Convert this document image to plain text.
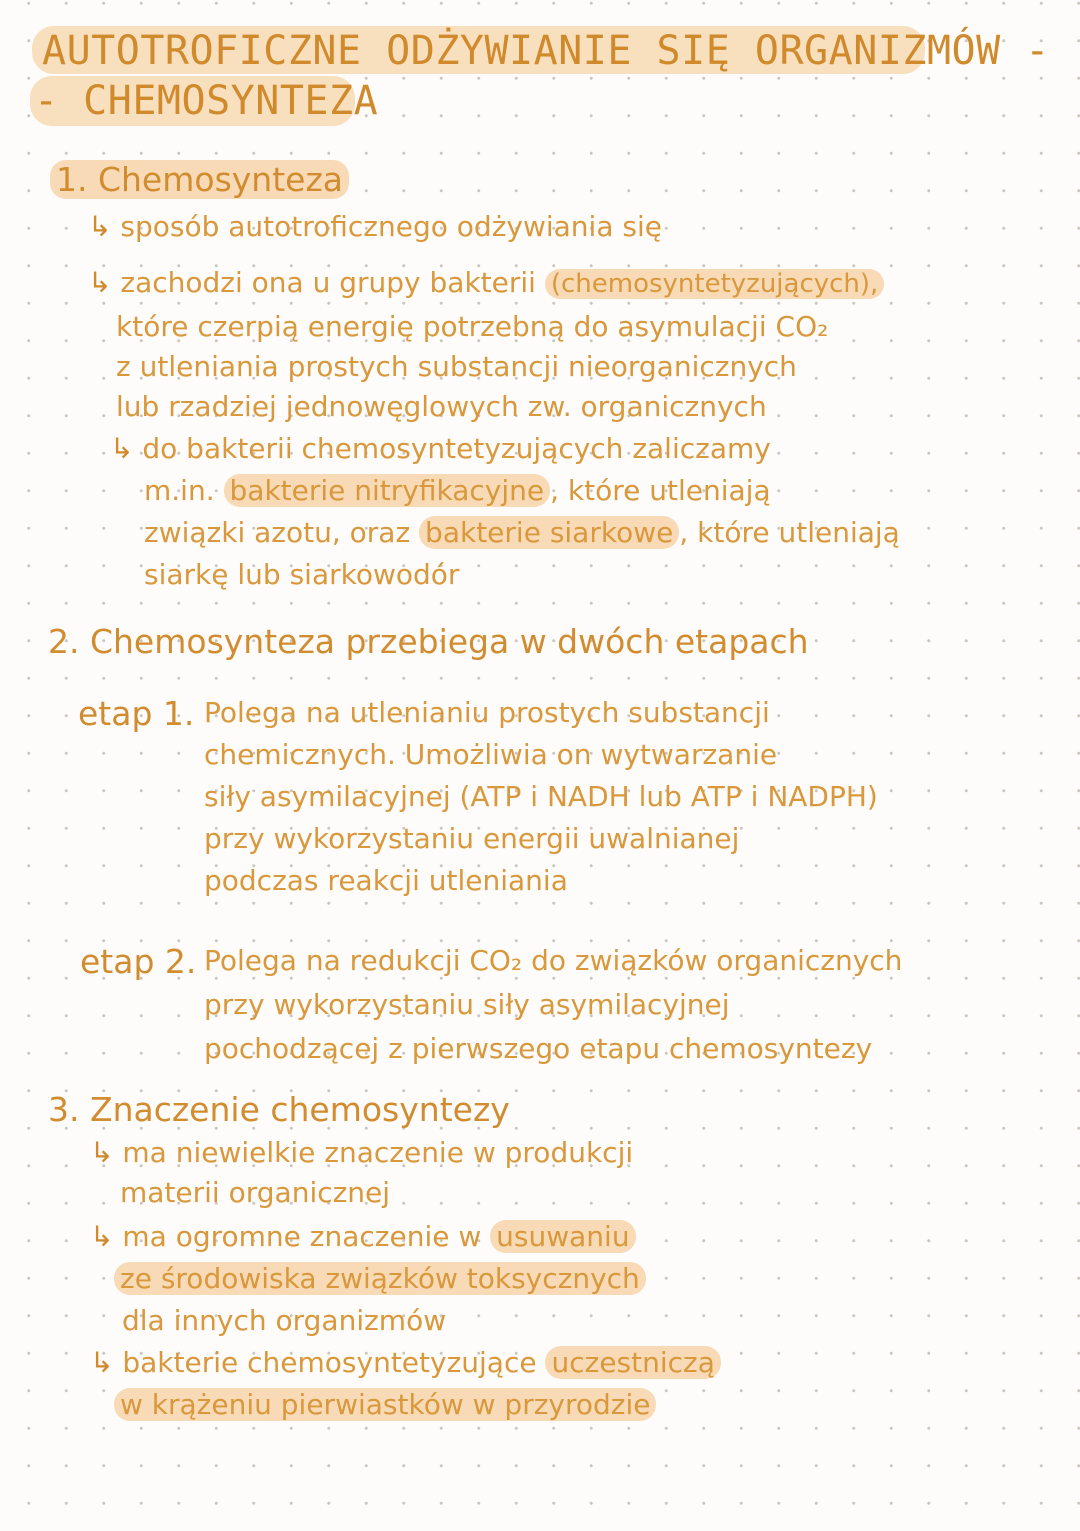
AUTOTROFICZNE ODŻYWIANIE SIĘ ORGANIZMÓW -
- CHEMOSYNTEZA
1. Chemosynteza
↳ sposób autotroficznego odżywiania się
↳ zachodzi ona u grupy bakterii (chemosyntetyzujących),
które czerpią energię potrzebną do asymulacji CO₂
z utleniania prostych substancji nieorganicznych
lub rzadziej jednowęglowych zw. organicznych
↳ do bakterii chemosyntetyzujących zaliczamy
m.in. bakterie nitryfikacyjne , które utleniają
związki azotu, oraz bakterie siarkowe , które utleniają
siarkę lub siarkowodór
2. Chemosynteza przebiega w dwóch etapach
etap 1. Polega na utlenianiu prostych substancji
chemicznych. Umożliwia on wytwarzanie
siły asymilacyjnej (ATP i NADH lub ATP i NADPH)
przy wykorzystaniu energii uwalnianej
podczas reakcji utleniania
etap 2. Polega na redukcji CO₂ do związków organicznych
przy wykorzystaniu siły asymilacyjnej
pochodzącej z pierwszego etapu chemosyntezy
3. Znaczenie chemosyntezy
↳ ma niewielkie znaczenie w produkcji
materii organicznej
↳ ma ogromne znaczenie w usuwaniu
ze środowiska związków toksycznych
dla innych organizmów
↳ bakterie chemosyntetyzujące uczestniczą
w krążeniu pierwiastków w przyrodzie
